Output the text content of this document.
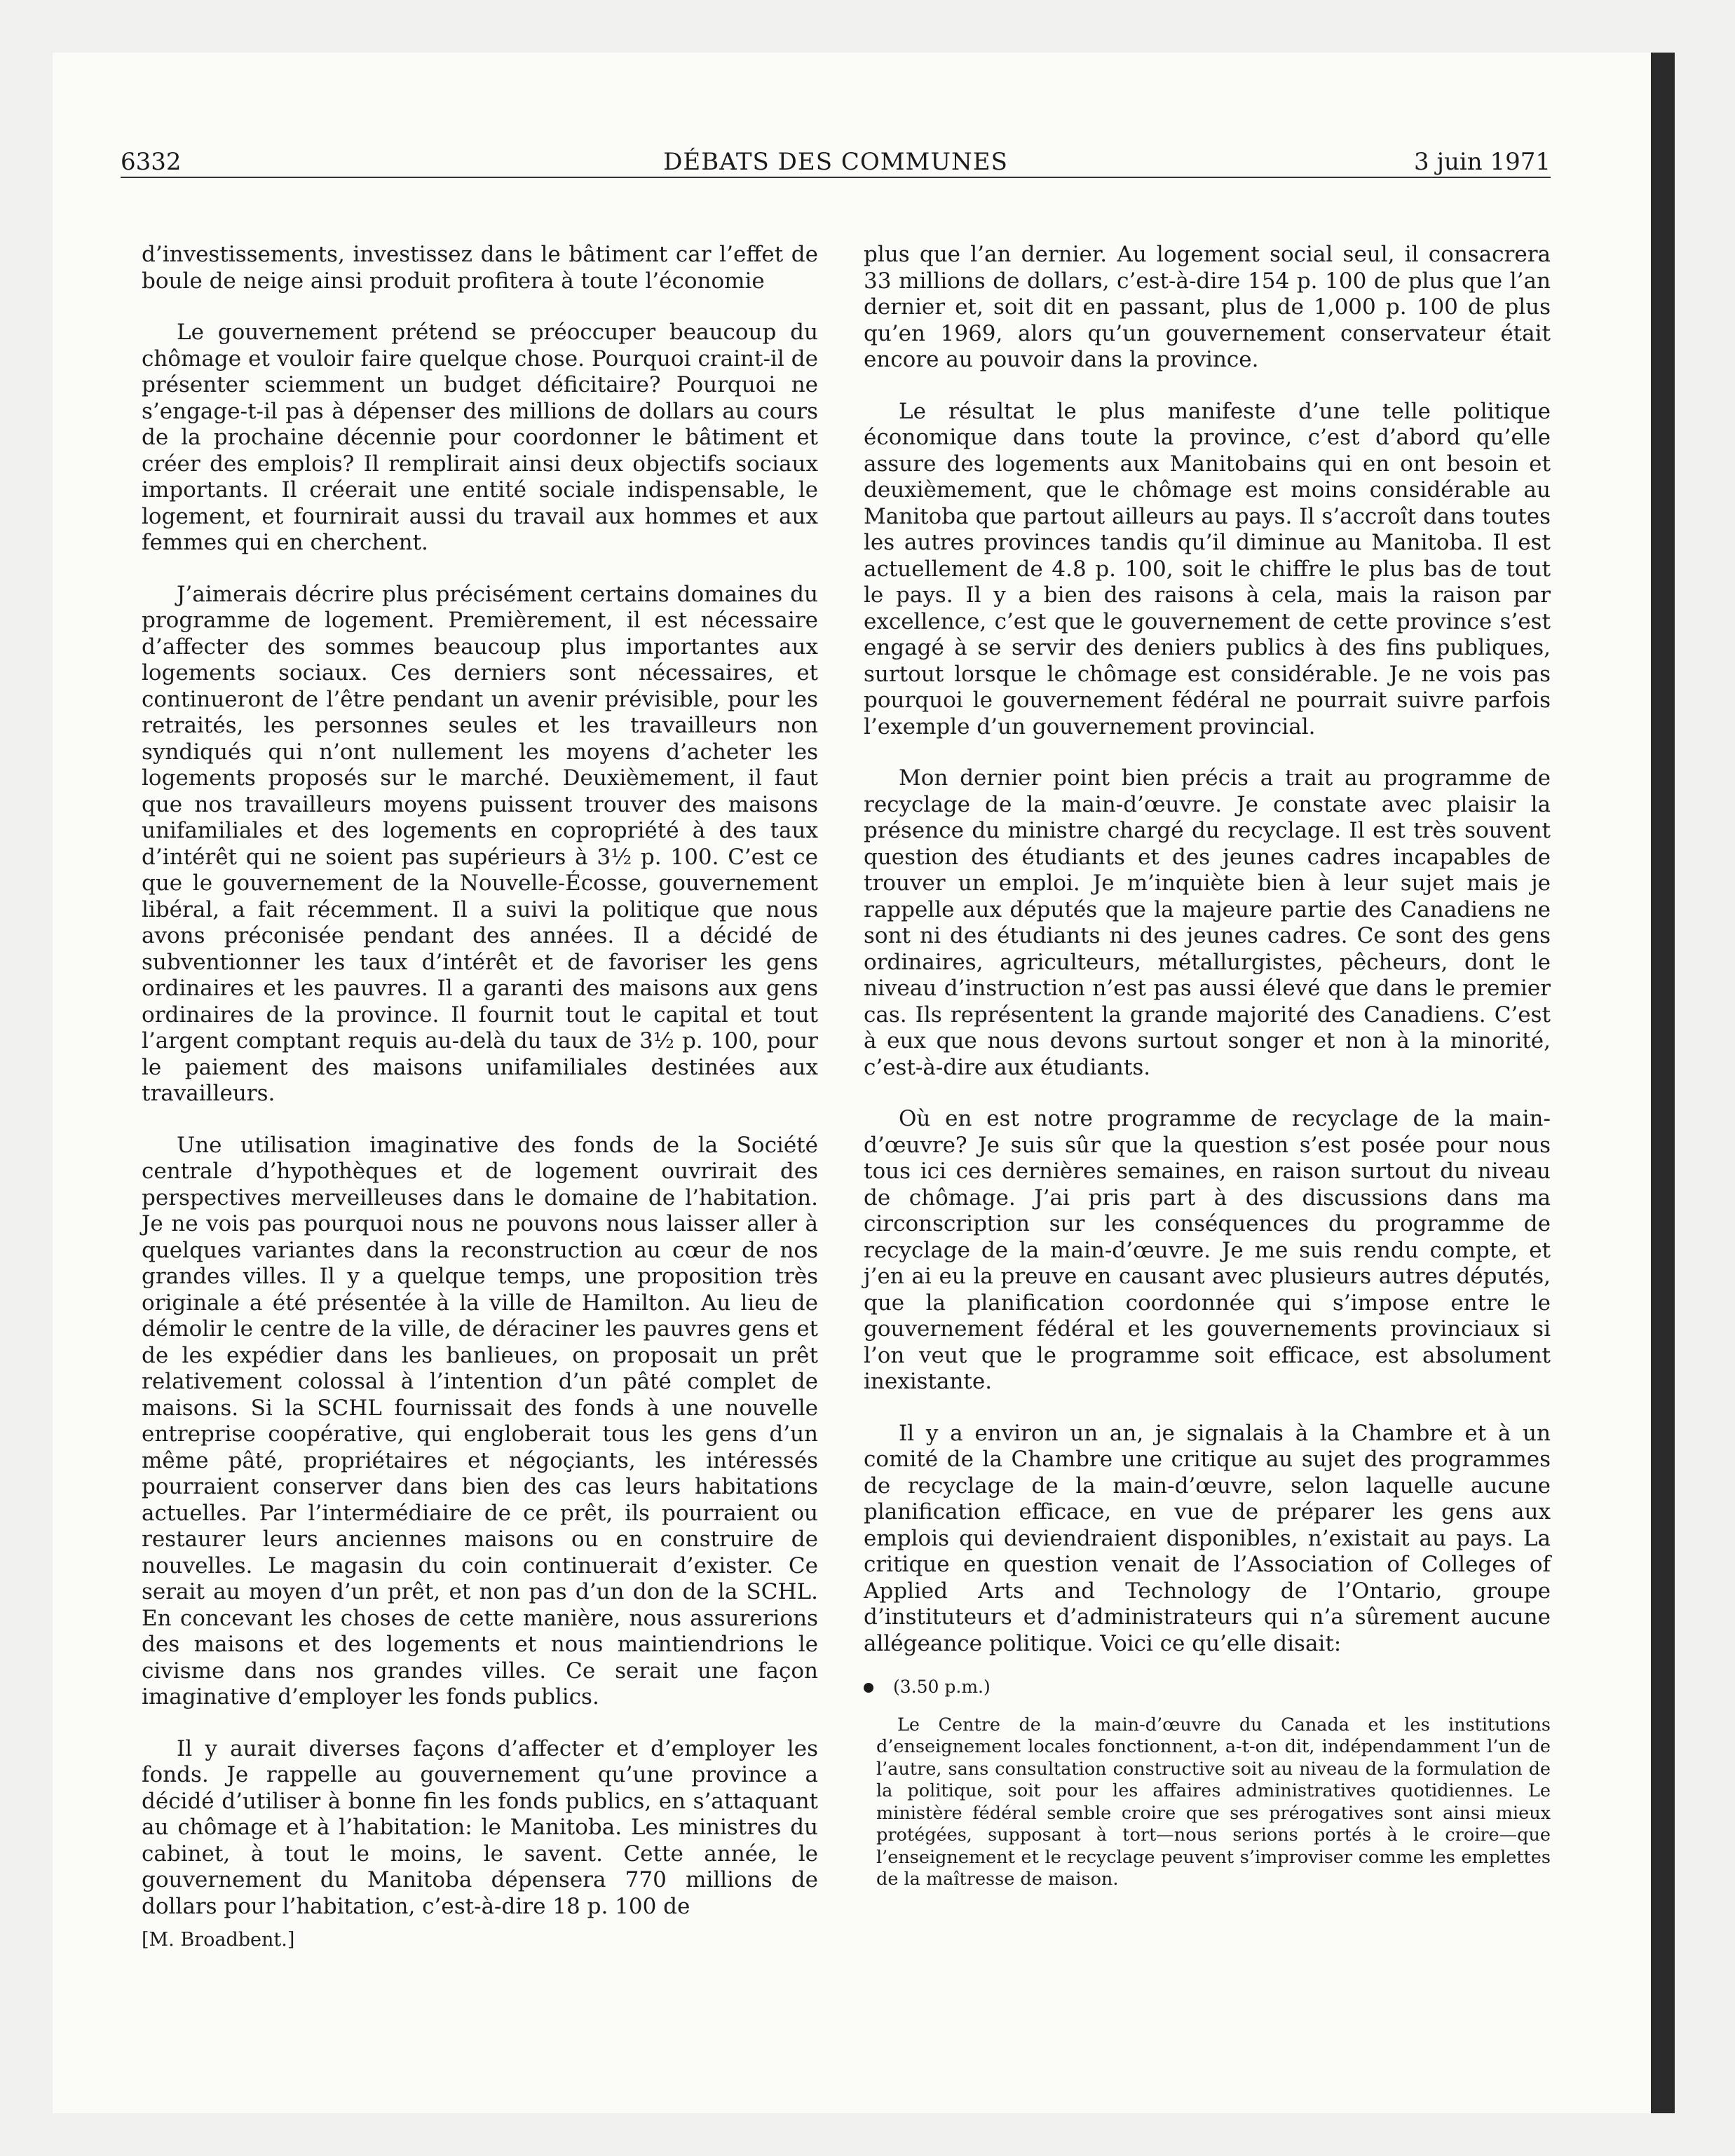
DÉBATS DES COMMUNES
6332	3 juin 1971

d’investissements, investissez dans le bâtiment car l’effet de boule de neige ainsi produit profitera à toute l’économie

Le gouvernement prétend se préoccuper beaucoup du chômage et vouloir faire quelque chose. Pourquoi craint-il de présenter sciemment un budget déficitaire? Pourquoi ne s’engage-t-il pas à dépenser des millions de dollars au cours de la prochaine décennie pour coordonner le bâtiment et créer des emplois? Il remplirait ainsi deux objectifs sociaux importants. Il créerait une entité sociale indispensable, le logement, et fournirait aussi du travail aux hommes et aux femmes qui en cherchent.

J’aimerais décrire plus précisément certains domaines du programme de logement. Premièrement, il est nécessaire d’affecter des sommes beaucoup plus importantes aux logements sociaux. Ces derniers sont nécessaires, et continueront de l’être pendant un avenir prévisible, pour les retraités, les personnes seules et les travailleurs non syndiqués qui n’ont nullement les moyens d’acheter les logements proposés sur le marché. Deuxièmement, il faut que nos travailleurs moyens puissent trouver des maisons unifamiliales et des logements en copropriété à des taux d’intérêt qui ne soient pas supérieurs à 3½ p. 100. C’est ce que le gouvernement de la Nouvelle-Écosse, gouvernement libéral, a fait récemment. Il a suivi la politique que nous avons préconisée pendant des années. Il a décidé de subventionner les taux d’intérêt et de favoriser les gens ordinaires et les pauvres. Il a garanti des maisons aux gens ordinaires de la province. Il fournit tout le capital et tout l’argent comptant requis au-delà du taux de 3½ p. 100, pour le paiement des maisons unifamiliales destinées aux travailleurs.

Une utilisation imaginative des fonds de la Société centrale d’hypothèques et de logement ouvrirait des perspectives merveilleuses dans le domaine de l’habitation. Je ne vois pas pourquoi nous ne pouvons nous laisser aller à quelques variantes dans la reconstruction au cœur de nos grandes villes. Il y a quelque temps, une proposition très originale a été présentée à la ville de Hamilton. Au lieu de démolir le centre de la ville, de déraciner les pauvres gens et de les expédier dans les banlieues, on proposait un prêt relativement colossal à l’intention d’un pâté complet de maisons. Si la SCHL fournissait des fonds à une nouvelle entreprise coopérative, qui engloberait tous les gens d’un même pâté, propriétaires et négoçiants, les intéressés pourraient conserver dans bien des cas leurs habitations actuelles. Par l’intermédiaire de ce prêt, ils pourraient ou restaurer leurs anciennes maisons ou en construire de nouvelles. Le magasin du coin continuerait d’exister. Ce serait au moyen d’un prêt, et non pas d’un don de la SCHL. En concevant les choses de cette manière, nous assurerions des maisons et des logements et nous maintiendrions le civisme dans nos grandes villes. Ce serait une façon imaginative d’employer les fonds publics.

Il y aurait diverses façons d’affecter et d’employer les fonds. Je rappelle au gouvernement qu’une province a décidé d’utiliser à bonne fin les fonds publics, en s’attaquant au chômage et à l’habitation: le Manitoba. Les ministres du cabinet, à tout le moins, le savent. Cette année, le gouvernement du Manitoba dépensera 770 millions de dollars pour l’habitation, c’est-à-dire 18 p. 100 de

[M. Broadbent.]

plus que l’an dernier. Au logement social seul, il consacrera 33 millions de dollars, c’est-à-dire 154 p. 100 de plus que l’an dernier et, soit dit en passant, plus de 1,000 p. 100 de plus qu’en 1969, alors qu’un gouvernement conservateur était encore au pouvoir dans la province.

Le résultat le plus manifeste d’une telle politique économique dans toute la province, c’est d’abord qu’elle assure des logements aux Manitobains qui en ont besoin et deuxièmement, que le chômage est moins considérable au Manitoba que partout ailleurs au pays. Il s’accroît dans toutes les autres provinces tandis qu’il diminue au Manitoba. Il est actuellement de 4.8 p. 100, soit le chiffre le plus bas de tout le pays. Il y a bien des raisons à cela, mais la raison par excellence, c’est que le gouvernement de cette province s’est engagé à se servir des deniers publics à des fins publiques, surtout lorsque le chômage est considérable. Je ne vois pas pourquoi le gouvernement fédéral ne pourrait suivre parfois l’exemple d’un gouvernement provincial.

Mon dernier point bien précis a trait au programme de recyclage de la main-d’œuvre. Je constate avec plaisir la présence du ministre chargé du recyclage. Il est très souvent question des étudiants et des jeunes cadres incapables de trouver un emploi. Je m’inquiète bien à leur sujet mais je rappelle aux députés que la majeure partie des Canadiens ne sont ni des étudiants ni des jeunes cadres. Ce sont des gens ordinaires, agriculteurs, métallurgistes, pêcheurs, dont le niveau d’instruction n’est pas aussi élevé que dans le premier cas. Ils représentent la grande majorité des Canadiens. C’est à eux que nous devons surtout songer et non à la minorité, c’est-à-dire aux étudiants.

Où en est notre programme de recyclage de la main-d’œuvre? Je suis sûr que la question s’est posée pour nous tous ici ces dernières semaines, en raison surtout du niveau de chômage. J’ai pris part à des discussions dans ma circonscription sur les conséquences du programme de recyclage de la main-d’œuvre. Je me suis rendu compte, et j’en ai eu la preuve en causant avec plusieurs autres députés, que la planification coordonnée qui s’impose entre le gouvernement fédéral et les gouvernements provinciaux si l’on veut que le programme soit efficace, est absolument inexistante.

Il y a environ un an, je signalais à la Chambre et à un comité de la Chambre une critique au sujet des programmes de recyclage de la main-d’œuvre, selon laquelle aucune planification efficace, en vue de préparer les gens aux emplois qui deviendraient disponibles, n’existait au pays. La critique en question venait de l’Association of Colleges of Applied Arts and Technology de l’Ontario, groupe d’instituteurs et d’administrateurs qui n’a sûrement aucune allégeance politique. Voici ce qu’elle disait:

(3.50 p.m.)

Le Centre de la main-d’œuvre du Canada et les institutions d’enseignement locales fonctionnent, a-t-on dit, indépendamment l’un de l’autre, sans consultation constructive soit au niveau de la formulation de la politique, soit pour les affaires administratives quotidiennes. Le ministère fédéral semble croire que ses prérogatives sont ainsi mieux protégées, supposant à tort—nous serions portés à le croire—que l’enseignement et le recyclage peuvent s’improviser comme les emplettes de la maîtresse de maison.
